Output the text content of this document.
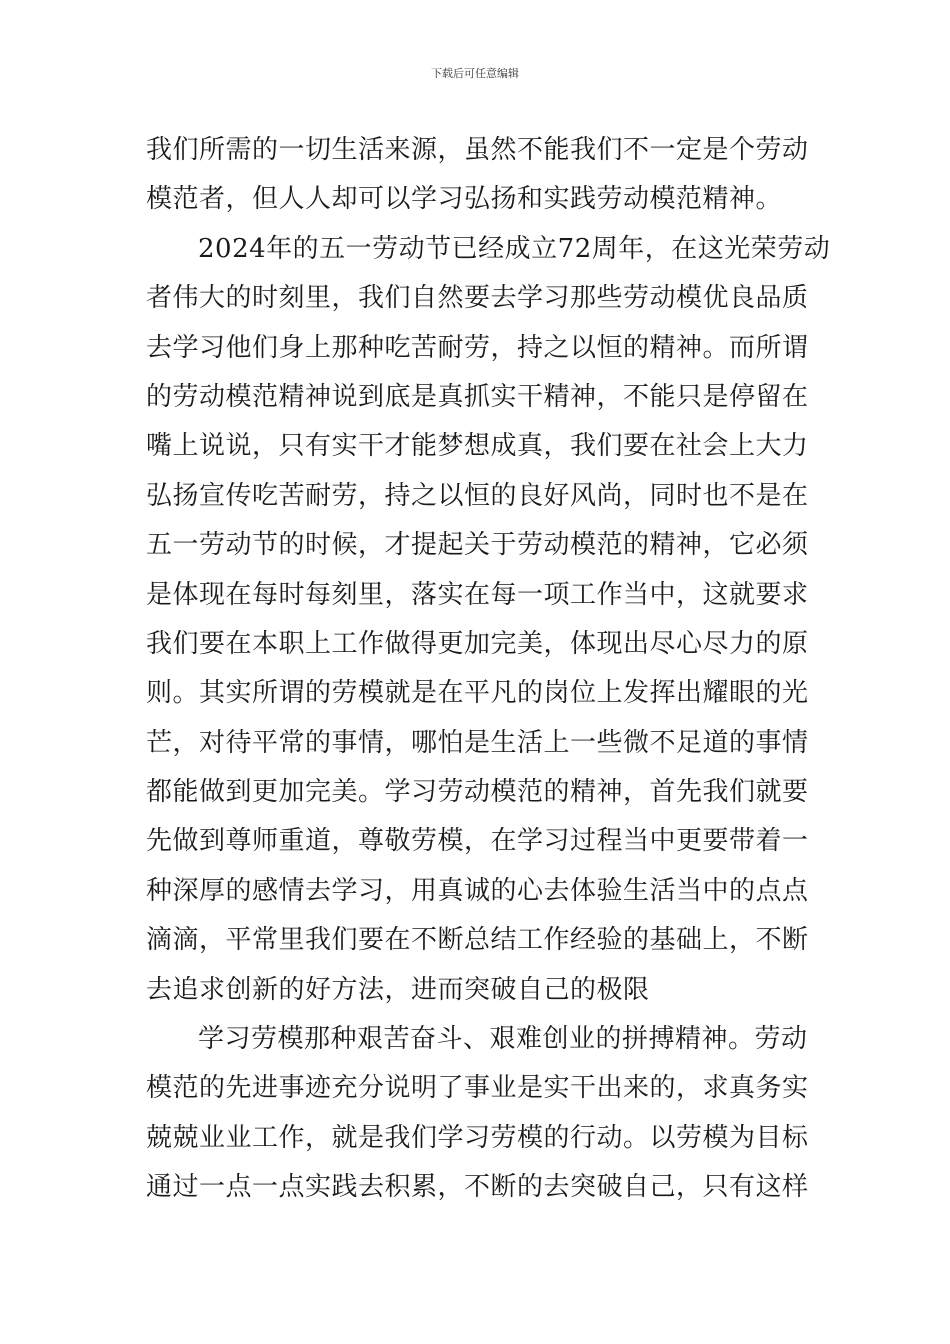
下载后可任意编辑
我们所需的一切生活来源，虽然不能我们不一定是个劳动
模范者，但人人却可以学习弘扬和实践劳动模范精神。
2024年的五一劳动节已经成立72周年，在这光荣劳动
者伟大的时刻里，我们自然要去学习那些劳动模优良品质
去学习他们身上那种吃苦耐劳，持之以恒的精神。而所谓
的劳动模范精神说到底是真抓实干精神，不能只是停留在
嘴上说说，只有实干才能梦想成真，我们要在社会上大力
弘扬宣传吃苦耐劳，持之以恒的良好风尚，同时也不是在
五一劳动节的时候，才提起关于劳动模范的精神，它必须
是体现在每时每刻里，落实在每一项工作当中，这就要求
我们要在本职上工作做得更加完美，体现出尽心尽力的原
则。其实所谓的劳模就是在平凡的岗位上发挥出耀眼的光
芒，对待平常的事情，哪怕是生活上一些微不足道的事情
都能做到更加完美。学习劳动模范的精神，首先我们就要
先做到尊师重道，尊敬劳模，在学习过程当中更要带着一
种深厚的感情去学习，用真诚的心去体验生活当中的点点
滴滴，平常里我们要在不断总结工作经验的基础上，不断
去追求创新的好方法，进而突破自己的极限
学习劳模那种艰苦奋斗、艰难创业的拼搏精神。劳动
模范的先进事迹充分说明了事业是实干出来的，求真务实
兢兢业业工作，就是我们学习劳模的行动。以劳模为目标
通过一点一点实践去积累，不断的去突破自己，只有这样
